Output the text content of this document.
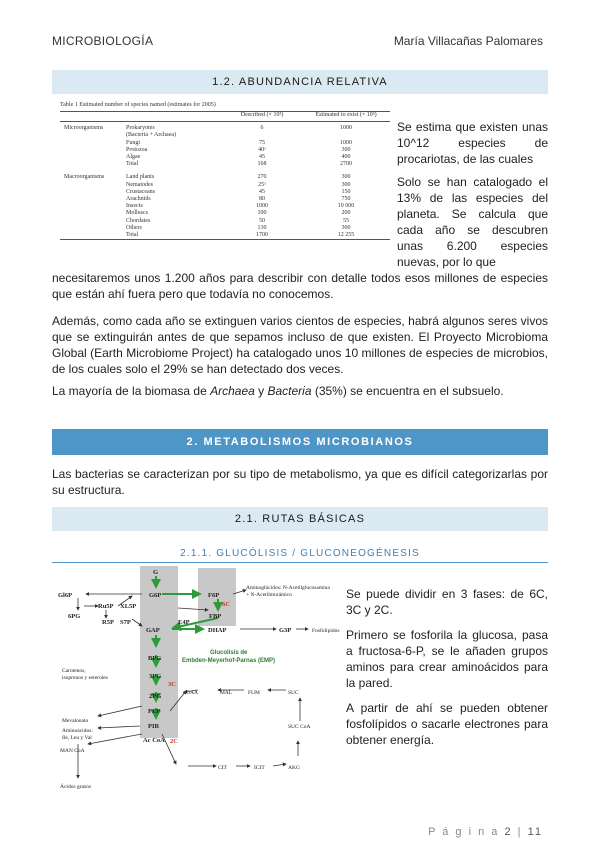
MICROBIOLOGÍA	María Villacañas Palomares
1.2. ABUNDANCIA RELATIVA
Table 1 Estimated number of species named (estimates for 2005)
		Described (× 10³)	Estimated to exist (× 10³)

Microorganisms	Prokaryotes	6	1000
	(Bacteria + Archaea)		
	Fungi	75	1000
	Protozoa	40ᵃ	300
	Algae	45	400

	Total	168	2700

Macroorganisms	Land plants	270	300
	Nematodes	25ᵃ	300
	Crustaceans	45	150
	Arachnids	80	750
	Insects	1000	10 000
	Molluscs	100	200
	Chordates	50	55
	Others	130	300

	Total	1700	12 255
Se estima que existen unas 10^12 especies de procariotas, de las cuales
Solo se han catalogado el 13% de las especies del planeta. Se calcula que cada año se descubren unas 6.200 especies nuevas, por lo que
necesitaremos unos 1.200 años para describir con detalle todos esos millones de especies que están ahí fuera pero que todavía no conocemos.
Además, como cada año se extinguen varios cientos de especies, habrá algunos seres vivos que se extinguirán antes de que sepamos incluso de que existen. El Proyecto Microbioma Global (Earth Microbiome Project) ha catalogado unos 10 millones de especies de microbios, de los cuales solo el 29% se han detectado dos veces.
La mayoría de la biomasa de Archaea y Bacteria (35%) se encuentra en el subsuelo.
2. METABOLISMOS MICROBIANOS
Las bacterias se caracterizan por su tipo de metabolismo, ya que es difícil categorizarlas por su estructura.
2.1. RUTAS BÁSICAS
2.1.1. GLUCÓLISIS / GLUCONEOGÉNESIS
G
G6P	F6P
FBP
GAP	DHAP
BPG
3PG
2PG
PEP
PIR
Ac CoA
Gl6P
6PG
Ru5P
R5P
XL5P
S7P	E4P
G3P	Fosfolípidos
Aminoglúcidos: N-Acetilglucosamina
+ N-Acetilmurámico
Carotenos,
isoprenos y esteroles
Mevalonato
Aminoácidos:
Ile, Leu y Val
MAN CoA
Ácidos grasos
OAA	MAL	FUM	SUC
SUC CoA
AKG
ICIT
CIT
6C
3C
2C
Glucolisis de
Embden-Meyerhof-Parnas (EMP)
Se puede dividir en 3 fases: de 6C, 3C y 2C.
Primero se fosforila la glucosa, pasa a fructosa-6-P, se le añaden grupos aminos para crear aminoácidos para la pared.
A partir de ahí se pueden obtener fosfolípidos o sacarle electrones para obtener energía.
P á g i n a 2 | 11
